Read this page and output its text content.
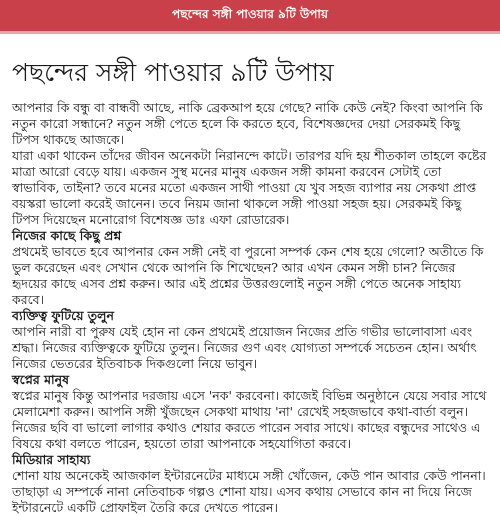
পছন্দের সঙ্গী পাওয়ার ৯টি উপায়
পছন্দের সঙ্গী পাওয়ার ৯টি উপায়

আপনার কি বন্ধু বা বান্ধবী আছে, নাকি ব্রেকআপ হয়ে গেছে? নাকি কেউ নেই? কিংবা আপনি কি নতুন কারো সন্ধানে? নতুন সঙ্গী পেতে হলে কি করতে হবে, বিশেষজ্ঞদের দেয়া সেরকমই কিছু টিপস থাকছে আজকে।

যারা একা থাকেন তাঁদের জীবন অনেকটা নিরানন্দে কাটে। তারপর যদি হয় শীতকাল তাহলে কষ্টের মাত্রা আরো বেড়ে যায়। একজন সুস্থ মনের মানুষ একজন সঙ্গী কামনা করবেন সেটাই তো স্বাভাবিক, তাইনা? তবে মনের মতো একজন সাথী পাওয়া যে খুব সহজ ব্যাপার নয় সেকথা প্রাপ্ত বয়স্করা ভালো করেই জানেন। তবে নিয়ম জানা থাকলে সঙ্গী পাওয়া সহজ হয়। সেরকমই কিছু টিপস দিয়েছেন মনোরোগ বিশেষজ্ঞ ডাঃ এফা রোডারেক।

নিজের কাছে কিছু প্রশ্ন

প্রথমেই ভাবতে হবে আপনার কেন সঙ্গী নেই বা পুরনো সম্পর্ক কেন শেষ হয়ে গেলো? অতীতে কি ভুল করেছেন এবং সেখান থেকে আপনি কি শিখেছেন? আর এখন কেমন সঙ্গী চান? নিজের হৃদয়ের কাছে এসব প্রশ্ন করুন। আর এই প্রশ্নের উত্তরগুলোই নতুন সঙ্গী পেতে অনেক সাহায্য করবে।

ব্যক্তিত্ব ফুটিয়ে তুলুন

আপনি নারী বা পুরুষ যেই হোন না কেন প্রথমেই প্রয়োজন নিজের প্রতি গভীর ভালোবাসা এবং শ্রদ্ধা। নিজের ব্যক্তিত্বকে ফুটিয়ে তুলুন। নিজের গুণ এবং যোগ্যতা সম্পর্কে সচেতন হোন। অর্থাৎ নিজের ভেতরের ইতিবাচক দিকগুলো নিয়ে ভাবুন।

স্বপ্নের মানুষ

স্বপ্নের মানুষ কিন্তু আপনার দরজায় এসে 'নক' করবেনা। কাজেই বিভিন্ন অনুষ্ঠানে যেয়ে সবার সাথে মেলামেশা করুন। আপনি সঙ্গী খুঁজছেন সেকথা মাথায় 'না' রেখেই সহজভাবে কথা-বার্তা বলুন। নিজের ছবি বা ভালো লাগার কথাও শেয়ার করতে পারেন সবার সাথে। কাছের বন্ধুদের সাথেও এ বিষয়ে কথা বলতে পারেন, হয়তো তারা আপনাকে সহযোগিতা করবে।

মিডিয়ার সাহায্য

শোনা যায় অনেকেই আজকাল ইন্টারনেটের মাধ্যমে সঙ্গী খোঁজেন, কেউ পান আবার কেউ পাননা। তাছাড়া এ সম্পর্কে নানা নেতিবাচক গল্পও শোনা যায়। এসব কথায় সেভাবে কান না দিয়ে নিজে ইন্টারনেটে একটি প্রোফাইল তৈরি করে দেখতে পারেন।
